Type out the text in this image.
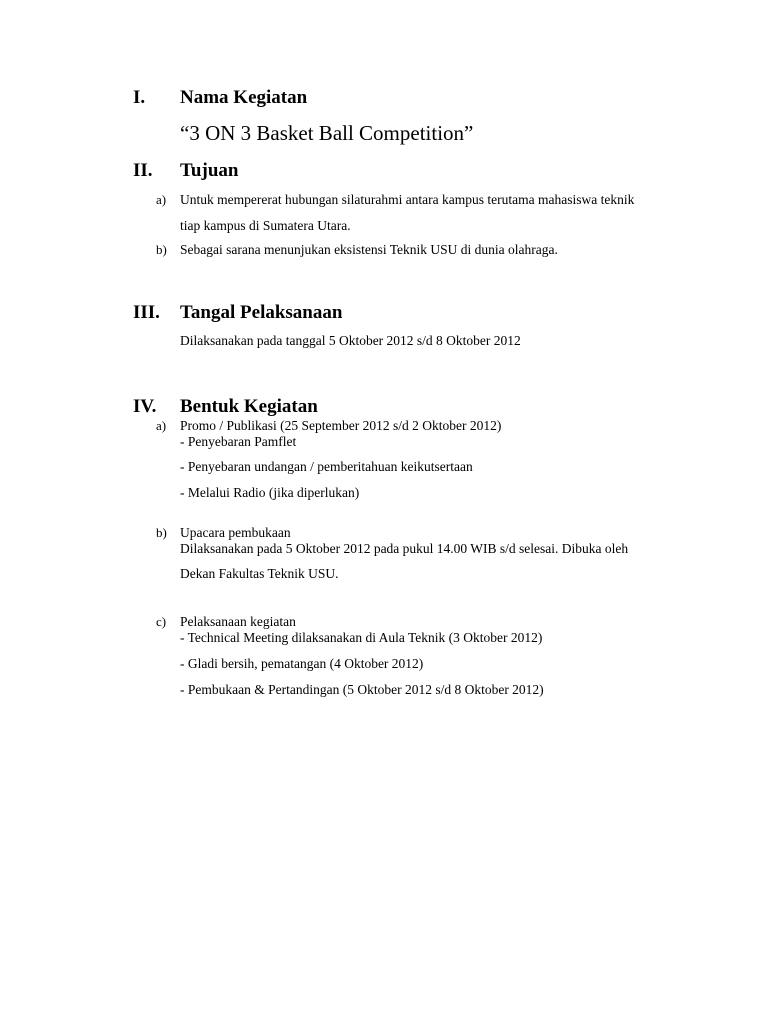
I. Nama Kegiatan
“3 ON 3 Basket Ball Competition”
II. Tujuan
a) Untuk mempererat hubungan silaturahmi antara kampus terutama mahasiswa teknik
tiap kampus di Sumatera Utara.
b) Sebagai sarana menunjukan eksistensi Teknik USU di dunia olahraga.
III. Tangal Pelaksanaan
Dilaksanakan pada tanggal 5 Oktober 2012 s/d 8 Oktober 2012
IV. Bentuk Kegiatan
a) Promo / Publikasi (25 September 2012 s/d 2 Oktober 2012)
- Penyebaran Pamflet
- Penyebaran undangan / pemberitahuan keikutsertaan
- Melalui Radio (jika diperlukan)
b) Upacara pembukaan
Dilaksanakan pada 5 Oktober 2012 pada pukul 14.00 WIB s/d selesai. Dibuka oleh
Dekan Fakultas Teknik USU.
c) Pelaksanaan kegiatan
- Technical Meeting dilaksanakan di Aula Teknik (3 Oktober 2012)
- Gladi bersih, pematangan (4 Oktober 2012)
- Pembukaan & Pertandingan (5 Oktober 2012 s/d 8 Oktober 2012)
